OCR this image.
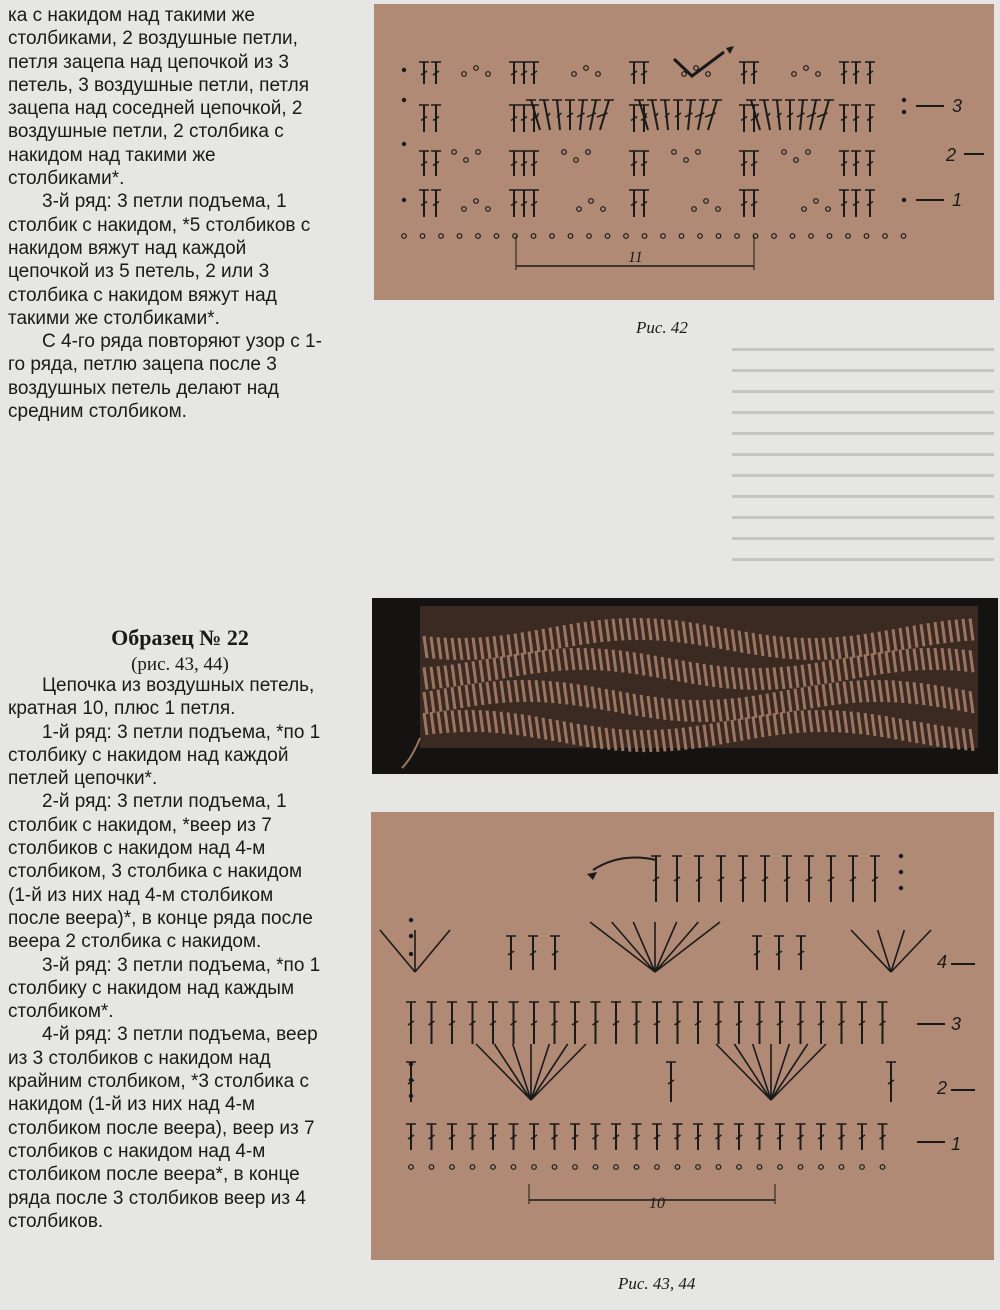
ка с накидом над такими же столбиками, 2 воздушные петли, петля зацепа над цепочкой из 3 петель, 3 воздушные петли, петля зацепа над соседней цепочкой, 2 воздушные петли, 2 столбика с накидом над такими же столбиками*.

3-й ряд: 3 петли подъема, 1 столбик с накидом, *5 столбиков с накидом вяжут над каждой цепочкой из 5 петель, 2 или 3 столбика с накидом вяжут над такими же столбиками*.

С 4-го ряда повторяют узор с 1-го ряда, петлю зацепа после 3 воздушных петель делают над средним столбиком.

Образец № 22
(рис. 43, 44)

Цепочка из воздушных петель, кратная 10, плюс 1 петля.

1-й ряд: 3 петли подъема, *по 1 столбику с накидом над каждой петлей цепочки*.

2-й ряд: 3 петли подъема, 1 столбик с накидом, *веер из 7 столбиков с накидом над 4-м столбиком, 3 столбика с накидом (1-й из них над 4-м столбиком после веера)*, в конце ряда после веера 2 столбика с накидом.

3-й ряд: 3 петли подъема, *по 1 столбику с накидом над каждым столбиком*.

4-й ряд: 3 петли подъема, веер из 3 столбиков с накидом над крайним столбиком, *3 столбика с накидом (1-й из них над 4-м столбиком после веера), веер из 7 столбиков с накидом над 4-м столбиком после веера*, в конце ряда после 3 столбиков веер из 4 столбиков.

11
3
2
1
Рис. 42
10
4
3
2
1
Рис. 43, 44
